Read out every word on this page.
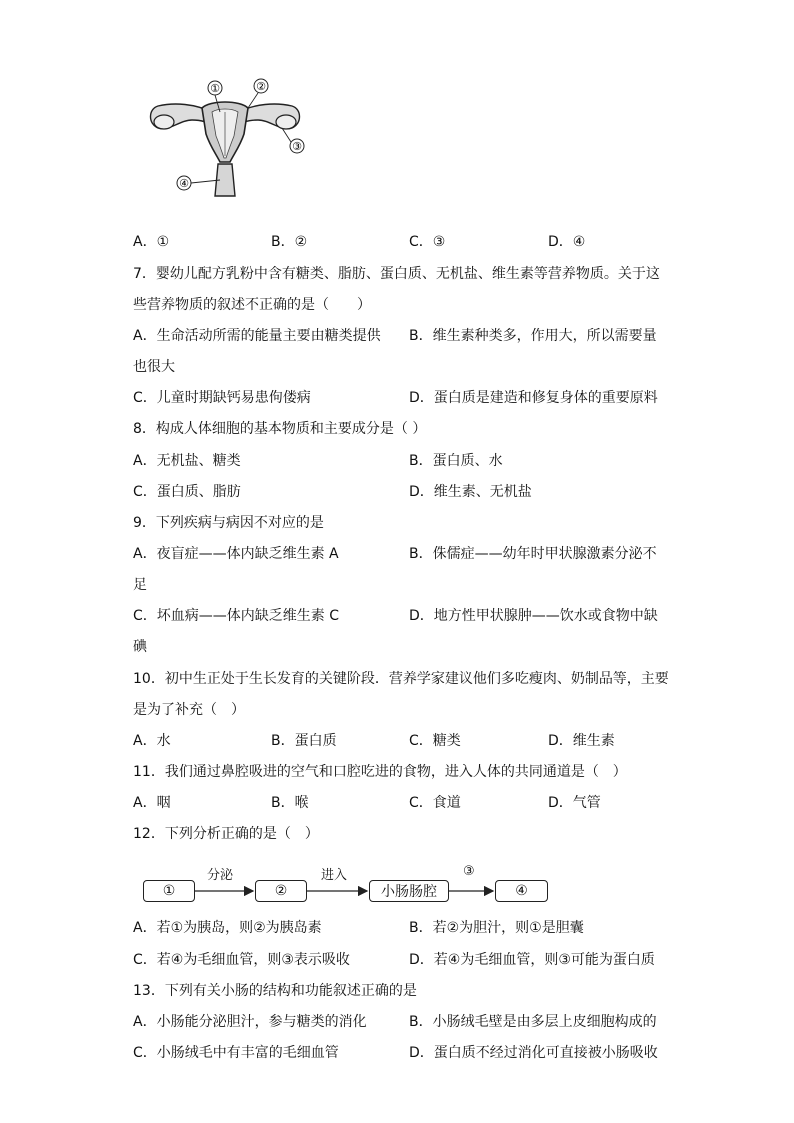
①	②
③
④
A．①	B．②	C．③	D．④
7．婴幼儿配方乳粉中含有糖类、脂肪、蛋白质、无机盐、维生素等营养物质。关于这
些营养物质的叙述不正确的是（　　）
A．生命活动所需的能量主要由糖类提供 B．维生素种类多，作用大，所以需要量
也很大
C．儿童时期缺钙易患佝偻病	D．蛋白质是建造和修复身体的重要原料
8．构成人体细胞的基本物质和主要成分是（ ）
A．无机盐、糖类	B．蛋白质、水
C．蛋白质、脂肪	D．维生素、无机盐
9．下列疾病与病因不对应的是
A．夜盲症——体内缺乏维生素 A	B．侏儒症——幼年时甲状腺激素分泌不
足
C．坏血病——体内缺乏维生素 C	D．地方性甲状腺肿——饮水或食物中缺
碘
10．初中生正处于生长发育的关键阶段．营养学家建议他们多吃瘦肉、奶制品等，主要
是为了补充（　）
A．水	B．蛋白质	C．糖类	D．维生素
11．我们通过鼻腔吸进的空气和口腔吃进的食物，进入人体的共同通道是（　）
A．咽	B．喉	C．食道	D．气管
12．下列分析正确的是（　）
①	②	小肠肠腔	④
分泌	进入	③
A．若①为胰岛，则②为胰岛素	B．若②为胆汁，则①是胆囊
C．若④为毛细血管，则③表示吸收	D．若④为毛细血管，则③可能为蛋白质
13．下列有关小肠的结构和功能叙述正确的是
A．小肠能分泌胆汁，参与糖类的消化	B．小肠绒毛壁是由多层上皮细胞构成的
C．小肠绒毛中有丰富的毛细血管	D．蛋白质不经过消化可直接被小肠吸收
